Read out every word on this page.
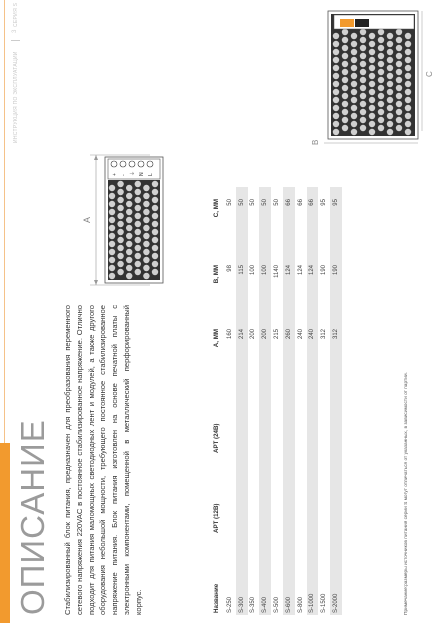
ИНСТРУКЦИЯ ПО ЭКСПЛУАТАЦИИ
3
СЕРИЯ S
ОПИСАНИЕ Стабилизированный блок питания, предназначен для преобразования переменного сетевого напряжения 220VAC в постоянное стабилизированное напряжение. Отлично подходит для питания маломощных светодиодных лент и модулей, а также другого оборудования небольшой мощности, требующего постоянное стабилизированное напряжение питания. Блок питания изготовлен на основе печатной платы с электронными компонентами, помещенной в металлический перфорированный корпус.
A
+ - ⏚ N L
B
C
Название
АРТ (12В)
АРТ (24В)
А, ММ
В, ММ
С, ММ
S-250
160
98
50
S-300
214
115
50
S-350
200
100
50
S-400
200
100
50
S-500
215
1140
50
S-600
260
124
66
S-800
240
124
66
S-1000
240
124
66
S-1500
312
190
95
S-2000
312
190
95
Примечание:размеры источников питания серии S могут отличаться от указанных, в зависимости от партии.
